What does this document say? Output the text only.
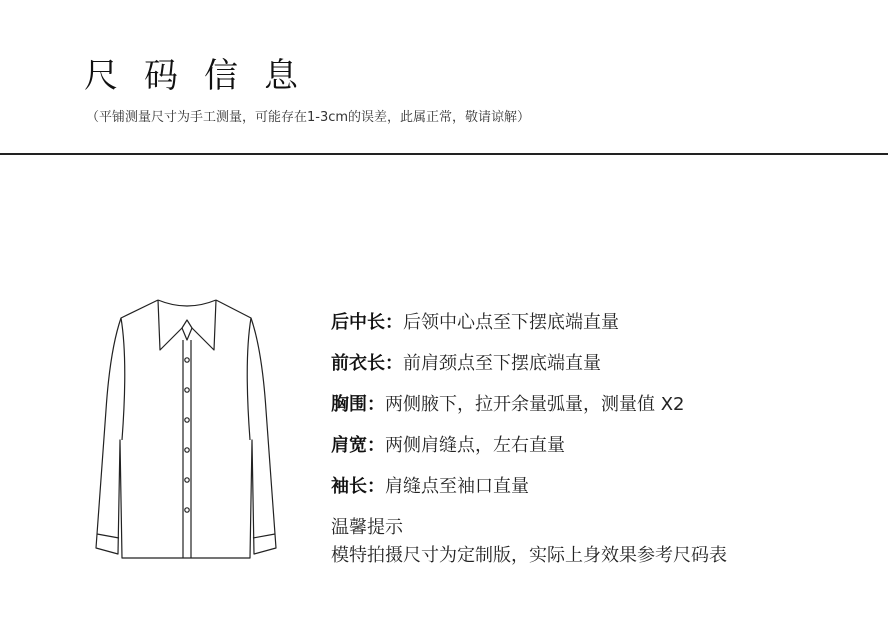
尺码信息
（平铺测量尺寸为手工测量，可能存在1-3cm的误差，此属正常，敬请谅解）
后中长：后领中心点至下摆底端直量
前衣长：前肩颈点至下摆底端直量
胸围：两侧腋下，拉开余量弧量，测量值 X2
肩宽：两侧肩缝点，左右直量
袖长：肩缝点至袖口直量
温馨提示
模特拍摄尺寸为定制版，实际上身效果参考尺码表
